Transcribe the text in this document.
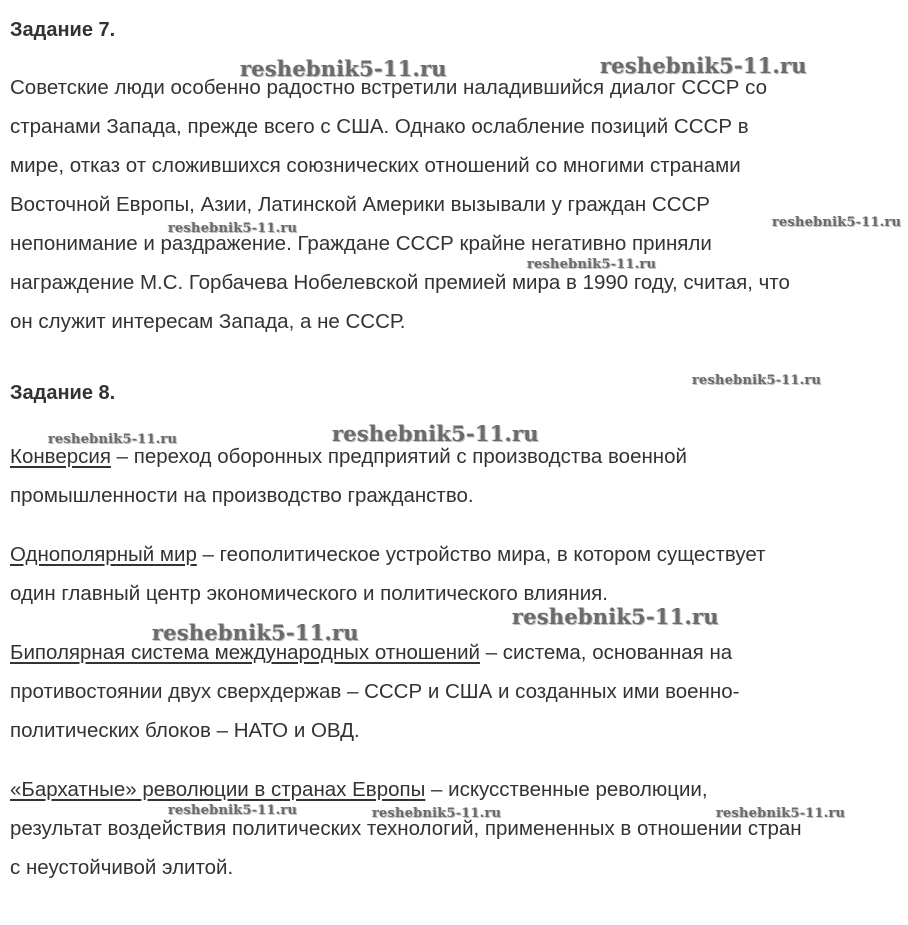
Задание 7.
Советские люди особенно радостно встретили наладившийся диалог СССР со
странами Запада, прежде всего с США. Однако ослабление позиций СССР в
мире, отказ от сложившихся союзнических отношений со многими странами
Восточной Европы, Азии, Латинской Америки вызывали у граждан СССР
непонимание и раздражение. Граждане СССР крайне негативно приняли
награждение М.С. Горбачева Нобелевской премией мира в 1990 году, считая, что
он служит интересам Запада, а не СССР.
Задание 8.
Конверсия – переход оборонных предприятий с производства военной
промышленности на производство гражданство.
Однополярный мир – геополитическое устройство мира, в котором существует
один главный центр экономического и политического влияния.
Биполярная система международных отношений – система, основанная на
противостоянии двух сверхдержав – СССР и США и созданных ими военно-
политических блоков – НАТО и ОВД.
«Бархатные» революции в странах Европы – искусственные революции,
результат воздействия политических технологий, примененных в отношении стран
с неустойчивой элитой.
reshebnik5-11.ru	reshebnik5-11.ru
reshebnik5-11.ru
reshebnik5-11.ru
reshebnik5-11.ru
reshebnik5-11.ru
reshebnik5-11.ru	reshebnik5-11.ru
reshebnik5-11.ru
reshebnik5-11.ru
reshebnik5-11.ru	reshebnik5-11.ru	reshebnik5-11.ru
